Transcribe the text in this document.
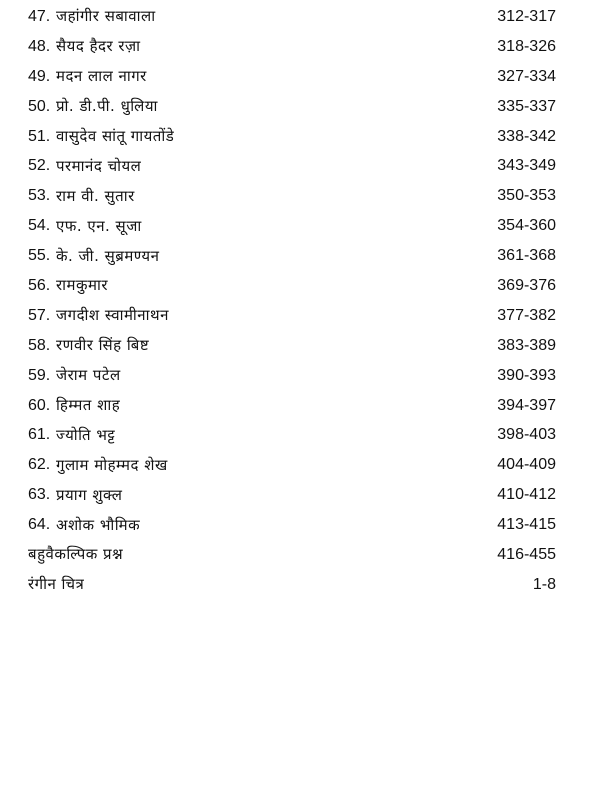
47. जहांगीर सबावाला	312-317
48. सैयद हैदर रज़ा	318-326
49. मदन लाल नागर	327-334
50. प्रो. डी.पी. धुलिया	335-337
51. वासुदेव सांतू गायतोंडे	338-342
52. परमानंद चोयल	343-349
53. राम वी. सुतार	350-353
54. एफ. एन. सूजा	354-360
55. के. जी. सुब्रमण्यन	361-368
56. रामकुमार	369-376
57. जगदीश स्वामीनाथन	377-382
58. रणवीर सिंह बिष्ट	383-389
59. जेराम पटेल	390-393
60. हिम्मत शाह	394-397
61. ज्योति भट्ट	398-403
62. गुलाम मोहम्मद शेख	404-409
63. प्रयाग शुक्ल	410-412
64. अशोक भौमिक	413-415
बहुवैकल्पिक प्रश्न	416-455
रंगीन चित्र	1-8
